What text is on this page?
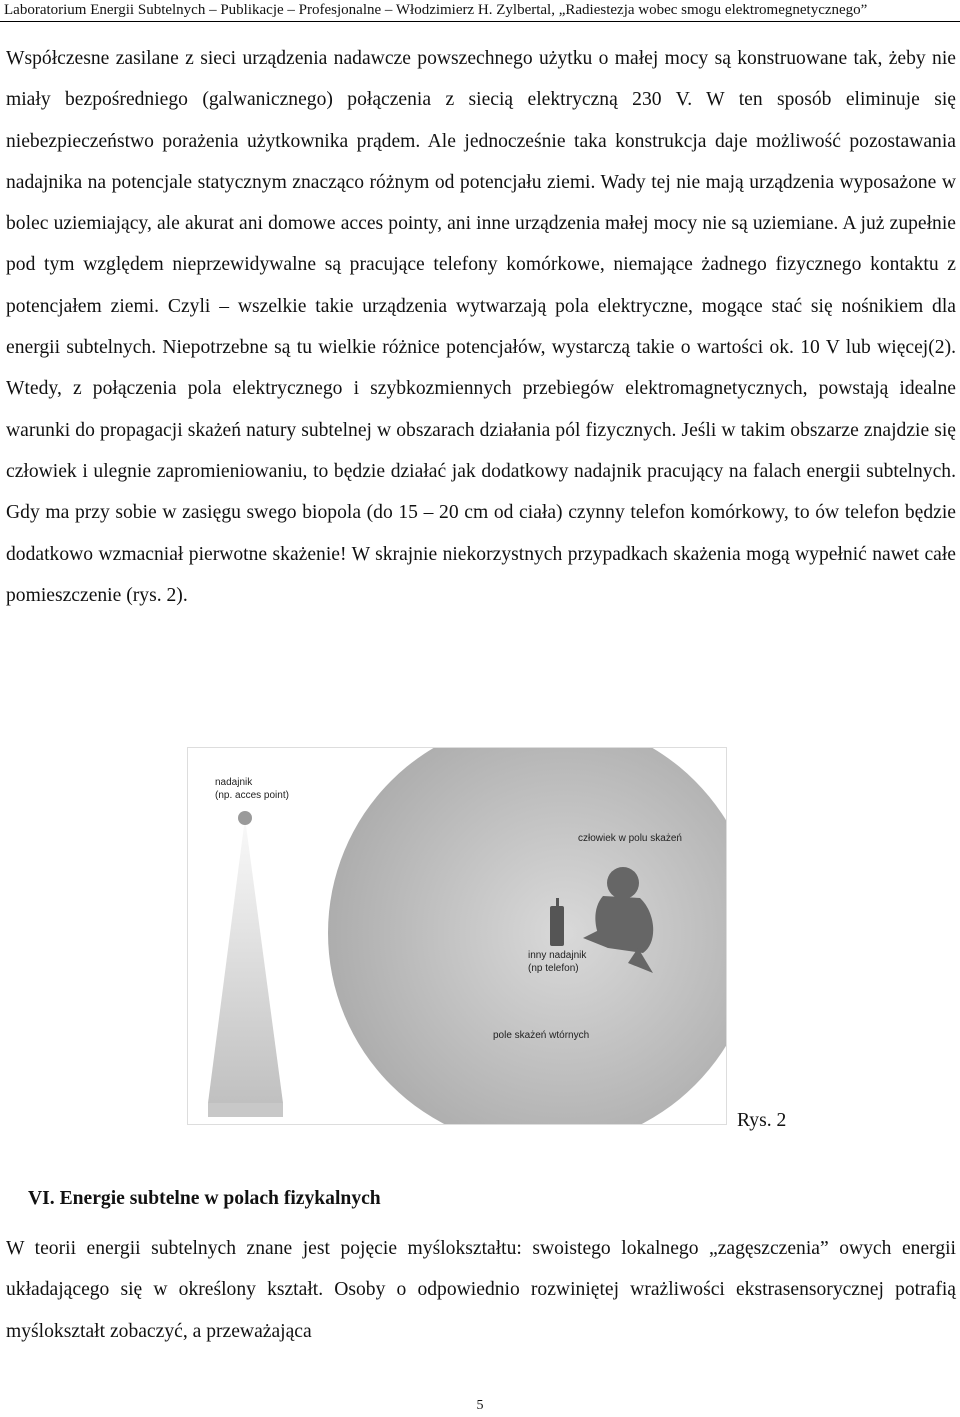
Laboratorium Energii Subtelnych – Publikacje – Profesjonalne – Włodzimierz H. Zylbertal, „Radiestezja wobec smogu elektromegnetycznego”
Współczesne zasilane z sieci urządzenia nadawcze powszechnego użytku o małej mocy są konstruowane tak, żeby nie miały bezpośredniego (galwanicznego) połączenia z siecią elektryczną 230 V. W ten sposób eliminuje się niebezpieczeństwo porażenia użytkownika prądem. Ale jednocześnie taka konstrukcja daje możliwość pozostawania nadajnika na potencjale statycznym znacząco różnym od potencjału ziemi. Wady tej nie mają urządzenia wyposażone w bolec uziemiający, ale akurat ani domowe acces pointy, ani inne urządzenia małej mocy nie są uziemiane. A już zupełnie pod tym względem nieprzewidywalne są pracujące telefony komórkowe, niemające żadnego fizycznego kontaktu z potencjałem ziemi. Czyli – wszelkie takie urządzenia wytwarzają pola elektryczne, mogące stać się nośnikiem dla energii subtelnych. Niepotrzebne są tu wielkie różnice potencjałów, wystarczą takie o wartości ok. 10 V lub więcej(2). Wtedy, z połączenia pola elektrycznego i szybkozmiennych przebiegów elektromagnetycznych, powstają idealne warunki do propagacji skażeń natury subtelnej w obszarach działania pól fizycznych. Jeśli w takim obszarze znajdzie się człowiek i ulegnie zapromieniowaniu, to będzie działać jak dodatkowy nadajnik pracujący na falach energii subtelnych. Gdy ma przy sobie w zasięgu swego biopola (do 15 – 20 cm od ciała) czynny telefon komórkowy, to ów telefon będzie dodatkowo wzmacniał pierwotne skażenie! W skrajnie niekorzystnych przypadkach skażenia mogą wypełnić nawet całe pomieszczenie (rys. 2).
nadajnik
(np. acces point)
człowiek w polu skażeń
inny nadajnik
(np telefon)
pole skażeń wtórnych
Rys. 2
VI. Energie subtelne w polach fizykalnych
W teorii energii subtelnych znane jest pojęcie myślokształtu: swoistego lokalnego „zagęszczenia” owych energii układającego się w określony kształt. Osoby o odpowiednio rozwiniętej wrażliwości ekstrasensorycznej potrafią myślokształt zobaczyć, a przeważająca
5
